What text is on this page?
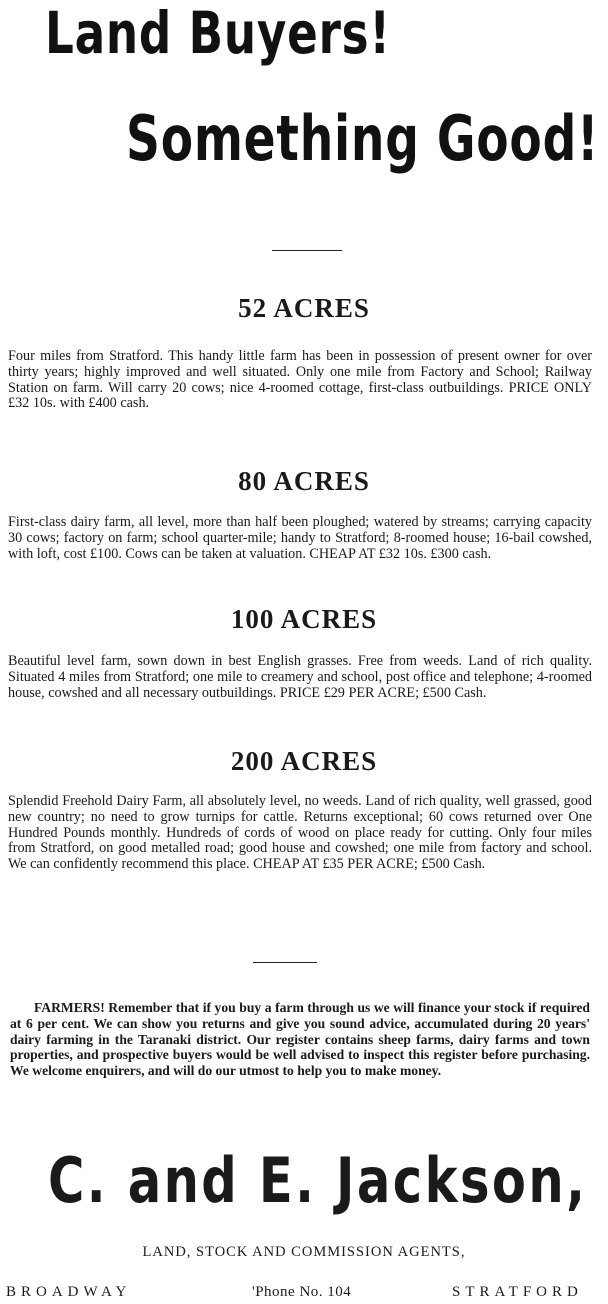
Land Buyers!
Something Good!
52 ACRES

Four miles from Stratford. This handy little farm has been in possession of present owner for over thirty years; highly improved and well situated. Only one mile from Factory and School; Railway Station on farm. Will carry 20 cows; nice 4-roomed cottage, first-class outbuildings. PRICE ONLY £32 10s. with £400 cash.

80 ACRES

First-class dairy farm, all level, more than half been ploughed; watered by streams; carrying capacity 30 cows; factory on farm; school quarter-mile; handy to Stratford; 8-roomed house; 16-bail cowshed, with loft, cost £100. Cows can be taken at valuation. CHEAP AT £32 10s. £300 cash.

100 ACRES

Beautiful level farm, sown down in best English grasses. Free from weeds. Land of rich quality. Situated 4 miles from Stratford; one mile to creamery and school, post office and telephone; 4-roomed house, cowshed and all necessary outbuildings. PRICE £29 PER ACRE; £500 Cash.

200 ACRES

Splendid Freehold Dairy Farm, all absolutely level, no weeds. Land of rich quality, well grassed, good new country; no need to grow turnips for cattle. Returns exceptional; 60 cows returned over One Hundred Pounds monthly. Hundreds of cords of wood on place ready for cutting. Only four miles from Stratford, on good metalled road; good house and cowshed; one mile from factory and school. We can confidently recommend this place. CHEAP AT £35 PER ACRE; £500 Cash.

FARMERS! Remember that if you buy a farm through us we will finance your stock if required at 6 per cent. We can show you returns and give you sound advice, accumulated during 20 years' dairy farming in the Taranaki district. Our register contains sheep farms, dairy farms and town properties, and prospective buyers would be well advised to inspect this register before purchasing. We welcome enquirers, and will do our utmost to help you to make money.

C. and E. Jackson,

LAND, STOCK AND COMMISSION AGENTS,

BROADWAY	'Phone No. 104	STRATFORD
